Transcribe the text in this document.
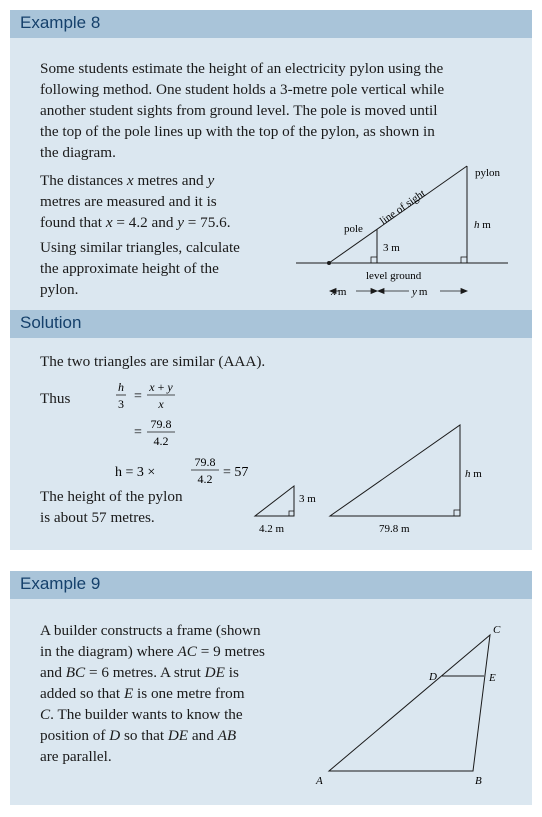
Example 8

Some students estimate the height of an electricity pylon using the

following method. One student holds a 3-metre pole vertical while

another student sights from ground level. The pole is moved until

the top of the pole lines up with the top of the pylon, as shown in

the diagram.

The distances x metres and y

metres are measured and it is

found that x = 4.2 and y = 75.6.

Using similar triangles, calculate

the approximate height of the

pylon.

pylon
line of sight
pole	h m
3 m
level ground
m	y m
Solution

The two triangles are similar (AAA).

Thus

h
3 =
x + y
x
=
79.8
4.2
h = 3 ×
79.8
4.2 = 57

The height of the pylon

is about 57 metres.

4.2 m
3 m
79.8 m
h m
Example 9

A builder constructs a frame (shown

in the diagram) where AC = 9 metres

and BC = 6 metres. A strut DE is

added so that E is one metre from

C. The builder wants to know the

position of D so that DE and AB

are parallel.

A	B
C
D	E
